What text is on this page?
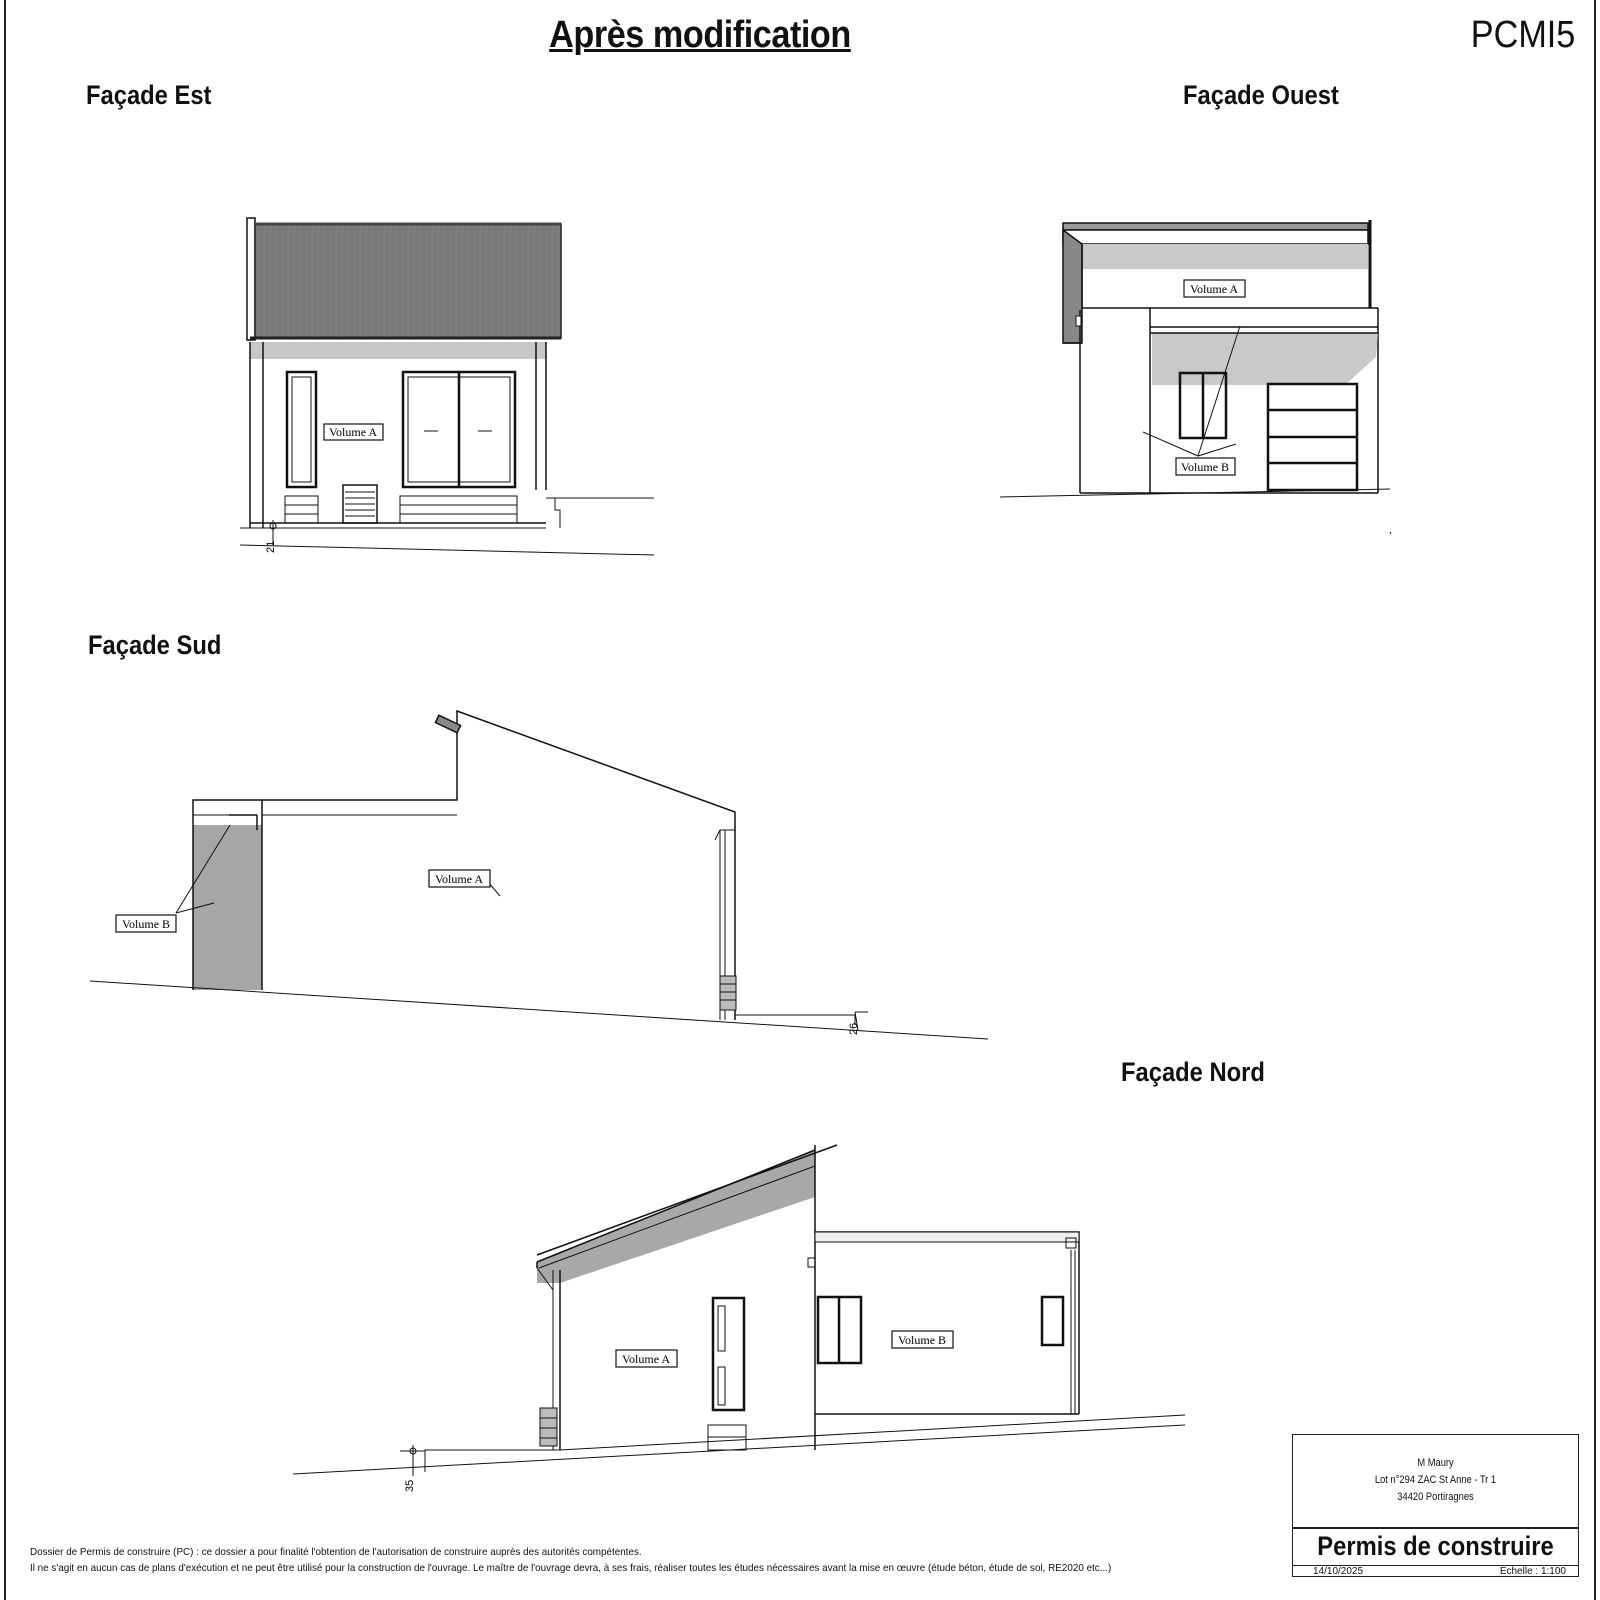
Après modification	PCMI5
Façade Est	Façade Ouest
Façade Sud
Façade Nord
Volume A
21
Volume A
Volume B
Volume A
Volume B
26
Volume A
Volume B
35
M Maury
Lot n°294 ZAC St Anne - Tr 1
34420 Portiragnes
Permis de construire
14/10/2025	Echelle : 1:100
Dossier de Permis de construire (PC) : ce dossier a pour finalité l'obtention de l'autorisation de construire auprès des autorités compétentes.
Il ne s'agit en aucun cas de plans d'exécution et ne peut être utilisé pour la construction de l'ouvrage. Le maître de l'ouvrage devra, à ses frais, réaliser toutes les études nécessaires avant la mise en œuvre (étude béton, étude de sol, RE2020 etc...)
